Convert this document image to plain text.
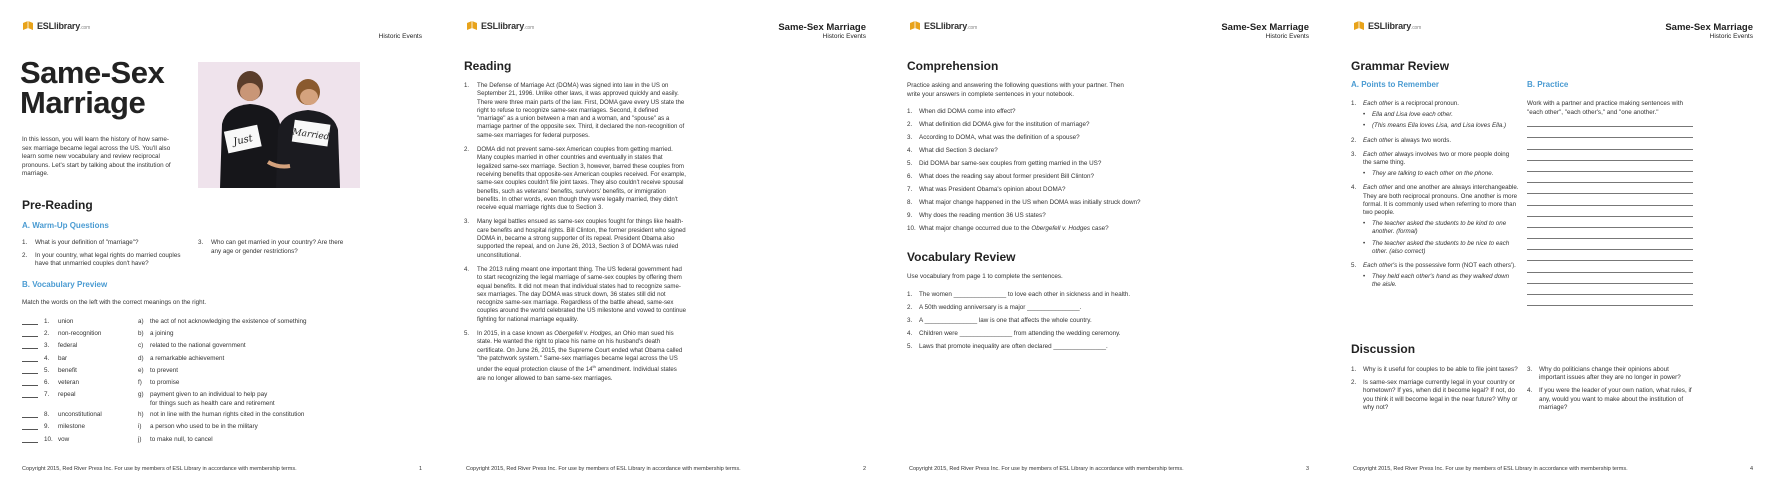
ESLlibrary.com
Historic Events
Same-Sex
Marriage
In this lesson, you will learn the history of how same-sex marriage became legal across the US. You'll also learn some new vocabulary and review reciprocal pronouns. Let's start by talking about the institution of marriage.
Just	Married
Pre-Reading
A. Warm-Up Questions
1.	What is your definition of "marriage"?
2.	In your country, what legal rights do married couples have that unmarried couples don't have?
3.	Who can get married in your country? Are there any age or gender restrictions?
B. Vocabulary Preview
Match the words on the left with the correct meanings on the right.
1.	union	a)	the act of not acknowledging the existence of something
2.	non-recognition	b)	a joining
3.	federal	c)	related to the national government
4.	bar	d)	a remarkable achievement
5.	benefit	e)	to prevent
6.	veteran	f)	to promise
7.	repeal	g)	payment given to an individual to help pay
for things such as health care and retirement
8.	unconstitutional	h)	not in line with the human rights cited in the constitution
9.	milestone	i)	a person who used to be in the military
10. vow	j)	to make null, to cancel
Copyright 2015, Red River Press Inc. For use by members of ESL Library in accordance with membership terms.	1
ESLlibrary.com	Same-Sex Marriage
Historic Events
Reading
1.	The Defense of Marriage Act (DOMA) was signed into law in the US on September 21, 1996. Unlike other laws, it was approved quickly and easily. There were three main parts of the law. First, DOMA gave every US state the right to refuse to recognize same-sex marriages. Second, it defined "marriage" as a union between a man and a woman, and "spouse" as a marriage partner of the opposite sex. Third, it declared the non-recognition of same-sex marriages for federal purposes.
2.	DOMA did not prevent same-sex American couples from getting married. Many couples married in other countries and eventually in states that legalized same-sex marriage. Section 3, however, barred these couples from receiving benefits that opposite-sex American couples received. For example, same-sex couples couldn't file joint taxes. They also couldn't receive spousal benefits, such as veterans' benefits, survivors' benefits, or immigration benefits. In other words, even though they were legally married, they didn't receive equal marriage rights due to Section 3.
3.	Many legal battles ensued as same-sex couples fought for things like health-care benefits and hospital rights. Bill Clinton, the former president who signed DOMA in, became a strong supporter of its repeal. President Obama also supported the repeal, and on June 26, 2013, Section 3 of DOMA was ruled unconstitutional.
4.	The 2013 ruling meant one important thing. The US federal government had to start recognizing the legal marriage of same-sex couples by offering them equal benefits. It did not mean that individual states had to recognize same-sex marriages. The day DOMA was struck down, 36 states still did not recognize same-sex marriage. Regardless of the battle ahead, same-sex couples around the world celebrated the US milestone and vowed to continue fighting for national marriage equality.
5.	In 2015, in a case known as Obergefell v. Hodges, an Ohio man sued his state. He wanted the right to place his name on his husband's death certificate. On June 26, 2015, the Supreme Court ended what Obama called "the patchwork system." Same-sex marriages became legal across the US under the equal protection clause of the 14th amendment. Individual states are no longer allowed to ban same-sex marriages.
Copyright 2015, Red River Press Inc. For use by members of ESL Library in accordance with membership terms.	2
ESLlibrary.com	Same-Sex Marriage
Historic Events
Comprehension
Practice asking and answering the following questions with your partner. Then write your answers in complete sentences in your notebook.
1.	When did DOMA come into effect?
2.	What definition did DOMA give for the institution of marriage?
3.	According to DOMA, what was the definition of a spouse?
4.	What did Section 3 declare?
5.	Did DOMA bar same-sex couples from getting married in the US?
6.	What does the reading say about former president Bill Clinton?
7.	What was President Obama's opinion about DOMA?
8.	What major change happened in the US when DOMA was initially struck down?
9.	Why does the reading mention 36 US states?
10. What major change occurred due to the Obergefell v. Hodges case?
Vocabulary Review
Use vocabulary from page 1 to complete the sentences.
1.	The women _______________ to love each other in sickness and in health.
2.	A 50th wedding anniversary is a major _______________.
3.	A _______________ law is one that affects the whole country.
4.	Children were _______________ from attending the wedding ceremony.
5.	Laws that promote inequality are often declared _______________.
Copyright 2015, Red River Press Inc. For use by members of ESL Library in accordance with membership terms.	3
ESLlibrary.com	Same-Sex Marriage
Historic Events
Grammar Review
A. Points to Remember	B. Practice
Work with a partner and practice making sentences with "each other", "each other's," and "one another."
1.	Each other is a reciprocal pronoun.
•	Ella and Lisa love each other.
•	(This means Ella loves Lisa, and Lisa loves Ella.)
2.	Each other is always two words.
3.	Each other always involves two or more people doing the same thing.
•	They are talking to each other on the phone.
4.	Each other and one another are always interchangeable. They are both reciprocal pronouns. One another is more formal. It is commonly used when referring to more than two people.
•	The teacher asked the students to be kind to one another. (formal)
•	The teacher asked the students to be nice to each other. (also correct)
5.	Each other's is the possessive form (NOT each others').
•	They held each other's hand as they walked down the aisle.
Discussion
1.	Why is it useful for couples to be able to file joint taxes?
2.	Is same-sex marriage currently legal in your country or hometown? If yes, when did it become legal? If not, do you think it will become legal in the near future? Why or why not?
3.	Why do politicians change their opinions about important issues after they are no longer in power?
4.	If you were the leader of your own nation, what rules, if any, would you want to make about the institution of marriage?
Copyright 2015, Red River Press Inc. For use by members of ESL Library in accordance with membership terms.	4
